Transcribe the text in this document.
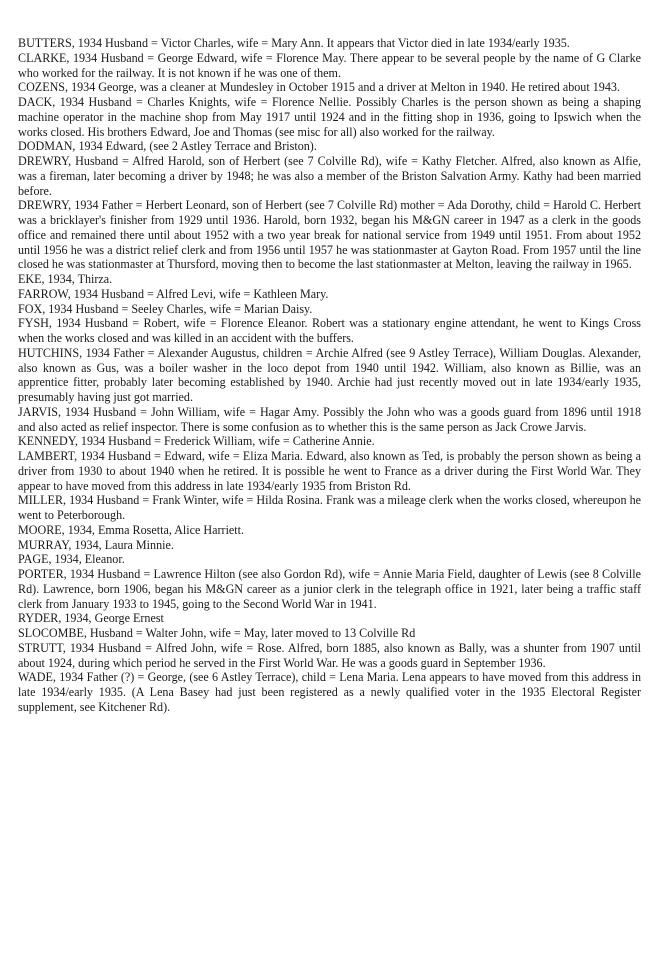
BUTTERS, 1934 Husband = Victor Charles, wife = Mary Ann. It appears that Victor died in late 1934/early 1935.

CLARKE, 1934 Husband = George Edward, wife = Florence May. There appear to be several people by the name of G Clarke who worked for the railway. It is not known if he was one of them.

COZENS, 1934 George, was a cleaner at Mundesley in October 1915 and a driver at Melton in 1940. He retired about 1943.

DACK, 1934 Husband = Charles Knights, wife = Florence Nellie. Possibly Charles is the person shown as being a shaping machine operator in the machine shop from May 1917 until 1924 and in the fitting shop in 1936, going to Ipswich when the works closed. His brothers Edward, Joe and Thomas (see misc for all) also worked for the railway.

DODMAN, 1934 Edward, (see 2 Astley Terrace and Briston).

DREWRY, Husband = Alfred Harold, son of Herbert (see 7 Colville Rd), wife = Kathy Fletcher. Alfred, also known as Alfie, was a fireman, later becoming a driver by 1948; he was also a member of the Briston Salvation Army. Kathy had been married before.

DREWRY, 1934 Father = Herbert Leonard, son of Herbert (see 7 Colville Rd) mother = Ada Dorothy, child = Harold C. Herbert was a bricklayer's finisher from 1929 until 1936. Harold, born 1932, began his M&GN career in 1947 as a clerk in the goods office and remained there until about 1952 with a two year break for national service from 1949 until 1951. From about 1952 until 1956 he was a district relief clerk and from 1956 until 1957 he was stationmaster at Gayton Road. From 1957 until the line closed he was stationmaster at Thursford, moving then to become the last stationmaster at Melton, leaving the railway in 1965.

EKE, 1934, Thirza.

FARROW, 1934 Husband = Alfred Levi, wife = Kathleen Mary.

FOX, 1934 Husband = Seeley Charles, wife = Marian Daisy.

FYSH, 1934 Husband = Robert, wife = Florence Eleanor. Robert was a stationary engine attendant, he went to Kings Cross when the works closed and was killed in an accident with the buffers.

HUTCHINS, 1934 Father = Alexander Augustus, children = Archie Alfred (see 9 Astley Terrace), William Douglas. Alexander, also known as Gus, was a boiler washer in the loco depot from 1940 until 1942. William, also known as Billie, was an apprentice fitter, probably later becoming established by 1940. Archie had just recently moved out in late 1934/early 1935, presumably having just got married.

JARVIS, 1934 Husband = John William, wife = Hagar Amy. Possibly the John who was a goods guard from 1896 until 1918 and also acted as relief inspector. There is some confusion as to whether this is the same person as Jack Crowe Jarvis.

KENNEDY, 1934 Husband = Frederick William, wife = Catherine Annie.

LAMBERT, 1934 Husband = Edward, wife = Eliza Maria. Edward, also known as Ted, is probably the person shown as being a driver from 1930 to about 1940 when he retired. It is possible he went to France as a driver during the First World War. They appear to have moved from this address in late 1934/early 1935 from Briston Rd.

MILLER, 1934 Husband = Frank Winter, wife = Hilda Rosina. Frank was a mileage clerk when the works closed, whereupon he went to Peterborough.

MOORE, 1934, Emma Rosetta, Alice Harriett.

MURRAY, 1934, Laura Minnie.

PAGE, 1934, Eleanor.

PORTER, 1934 Husband = Lawrence Hilton (see also Gordon Rd), wife = Annie Maria Field, daughter of Lewis (see 8 Colville Rd). Lawrence, born 1906, began his M&GN career as a junior clerk in the telegraph office in 1921, later being a traffic staff clerk from January 1933 to 1945, going to the Second World War in 1941.

RYDER, 1934, George Ernest

SLOCOMBE, Husband = Walter John, wife = May, later moved to 13 Colville Rd

STRUTT, 1934 Husband = Alfred John, wife = Rose. Alfred, born 1885, also known as Bally, was a shunter from 1907 until about 1924, during which period he served in the First World War. He was a goods guard in September 1936.

WADE, 1934 Father (?) = George, (see 6 Astley Terrace), child = Lena Maria. Lena appears to have moved from this address in late 1934/early 1935. (A Lena Basey had just been registered as a newly qualified voter in the 1935 Electoral Register supplement, see Kitchener Rd).
